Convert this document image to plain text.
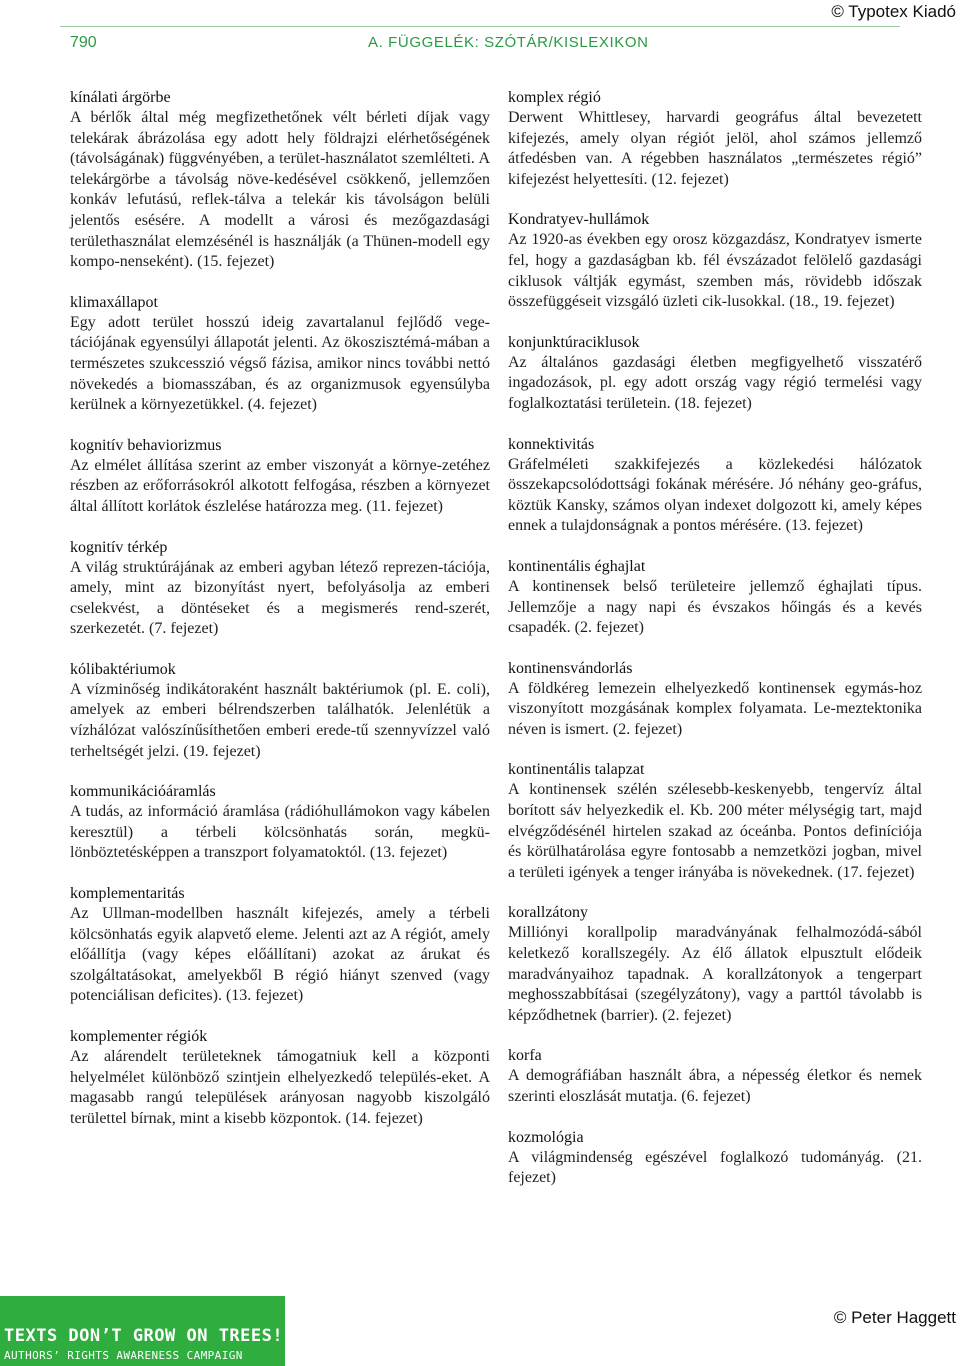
© Typotex Kiadó
790	A. FÜGGELÉK: SZÓTÁR/KISLEXIKON
kínálati árgörbe
A bérlők által még megfizethetőnek vélt bérleti díjak vagy telekárak ábrázolása egy adott hely földrajzi elérhetőségének (távolságának) függvényében, a terület-használatot szemlélteti. A telekárgörbe a távolság növe-kedésével csökkenő, jellemzően konkáv lefutású, reflek-tálva a telekár kis távolságon belüli jelentős esésére. A modellt a városi és mezőgazdasági területhasználat elemzésénél is használják (a Thünen-modell egy kompo-nenseként). (15. fejezet)
klimaxállapot
Egy adott terület hosszú ideig zavartalanul fejlődő vege-tációjának egyensúlyi állapotát jelenti. Az ökoszisztémá-mában a természetes szukcesszió végső fázisa, amikor nincs további nettó növekedés a biomasszában, és az organizmusok egyensúlyba kerülnek a környezetükkel. (4. fejezet)
kognitív behaviorizmus
Az elmélet állítása szerint az ember viszonyát a környe-zetéhez részben az erőforrásokról alkotott felfogása, részben a környezet által állított korlátok észlelése határozza meg. (11. fejezet)
kognitív térkép
A világ struktúrájának az emberi agyban létező reprezen-tációja, amely, mint az bizonyítást nyert, befolyásolja az emberi cselekvést, a döntéseket és a megismerés rend-szerét, szerkezetét. (7. fejezet)
kólibaktériumok
A vízminőség indikátoraként használt baktériumok (pl. E. coli), amelyek az emberi bélrendszerben találhatók. Jelenlétük a vízhálózat valószínűsíthetően emberi erede-tű szennyvízzel való terheltségét jelzi. (19. fejezet)
kommunikációáramlás
A tudás, az információ áramlása (rádióhullámokon vagy kábelen keresztül) a térbeli kölcsönhatás során, megkü-lönböztetésképpen a transzport folyamatoktól. (13. fejezet)
komplementaritás
Az Ullman-modellben használt kifejezés, amely a térbeli kölcsönhatás egyik alapvető eleme. Jelenti azt az A régiót, amely előállítja (vagy képes előállítani) azokat az árukat és szolgáltatásokat, amelyekből B régió hiányt szenved (vagy potenciálisan deficites). (13. fejezet)
komplementer régiók
Az alárendelt területeknek támogatniuk kell a központi helyelmélet különböző szintjein elhelyezkedő település-eket. A magasabb rangú települések arányosan nagyobb kiszolgáló területtel bírnak, mint a kisebb központok. (14. fejezet)
komplex régió
Derwent Whittlesey, harvardi geográfus által bevezetett kifejezés, amely olyan régiót jelöl, ahol számos jellemző átfedésben van. A régebben használatos „természetes régió” kifejezést helyettesíti. (12. fejezet)
Kondratyev-hullámok
Az 1920-as években egy orosz közgazdász, Kondratyev ismerte fel, hogy a gazdaságban kb. fél évszázadot felölelő gazdasági ciklusok váltják egymást, szemben más, rövidebb időszak összefüggéseit vizsgáló üzleti cik-lusokkal. (18., 19. fejezet)
konjunktúraciklusok
Az általános gazdasági életben megfigyelhető visszatérő ingadozások, pl. egy adott ország vagy régió termelési vagy foglalkoztatási területein. (18. fejezet)
konnektivitás
Gráfelméleti szakkifejezés a közlekedési hálózatok összekapcsolódottsági fokának mérésére. Jó néhány geo-gráfus, köztük Kansky, számos olyan indexet dolgozott ki, amely képes ennek a tulajdonságnak a pontos mérésére. (13. fejezet)
kontinentális éghajlat
A kontinensek belső területeire jellemző éghajlati típus. Jellemzője a nagy napi és évszakos hőingás és a kevés csapadék. (2. fejezet)
kontinensvándorlás
A földkéreg lemezein elhelyezkedő kontinensek egymás-hoz viszonyított mozgásának komplex folyamata. Le-meztektonika néven is ismert. (2. fejezet)
kontinentális talapzat
A kontinensek szélén szélesebb-keskenyebb, tengervíz által borított sáv helyezkedik el. Kb. 200 méter mélységig tart, majd elvégződésénél hirtelen szakad az óceánba. Pontos definíciója és körülhatárolása egyre fontosabb a nemzetközi jogban, mivel a területi igények a tenger irányába is növekednek. (17. fejezet)
korallzátony
Milliónyi korallpolip maradványának felhalmozódá-sából keletkező korallszegély. Az élő állatok elpusztult elődeik maradványaihoz tapadnak. A korallzátonyok a tengerpart meghosszabbításai (szegélyzátony), vagy a parttól távolabb is képződhetnek (barrier). (2. fejezet)
korfa
A demográfiában használt ábra, a népesség életkor és nemek szerinti eloszlását mutatja. (6. fejezet)
kozmológia
A világmindenség egészével foglalkozó tudományág. (21. fejezet)
TEXTS DON’T GROW ON TREES!
AUTHORS’ RIGHTS AWARENESS CAMPAIGN
© Peter Haggett
